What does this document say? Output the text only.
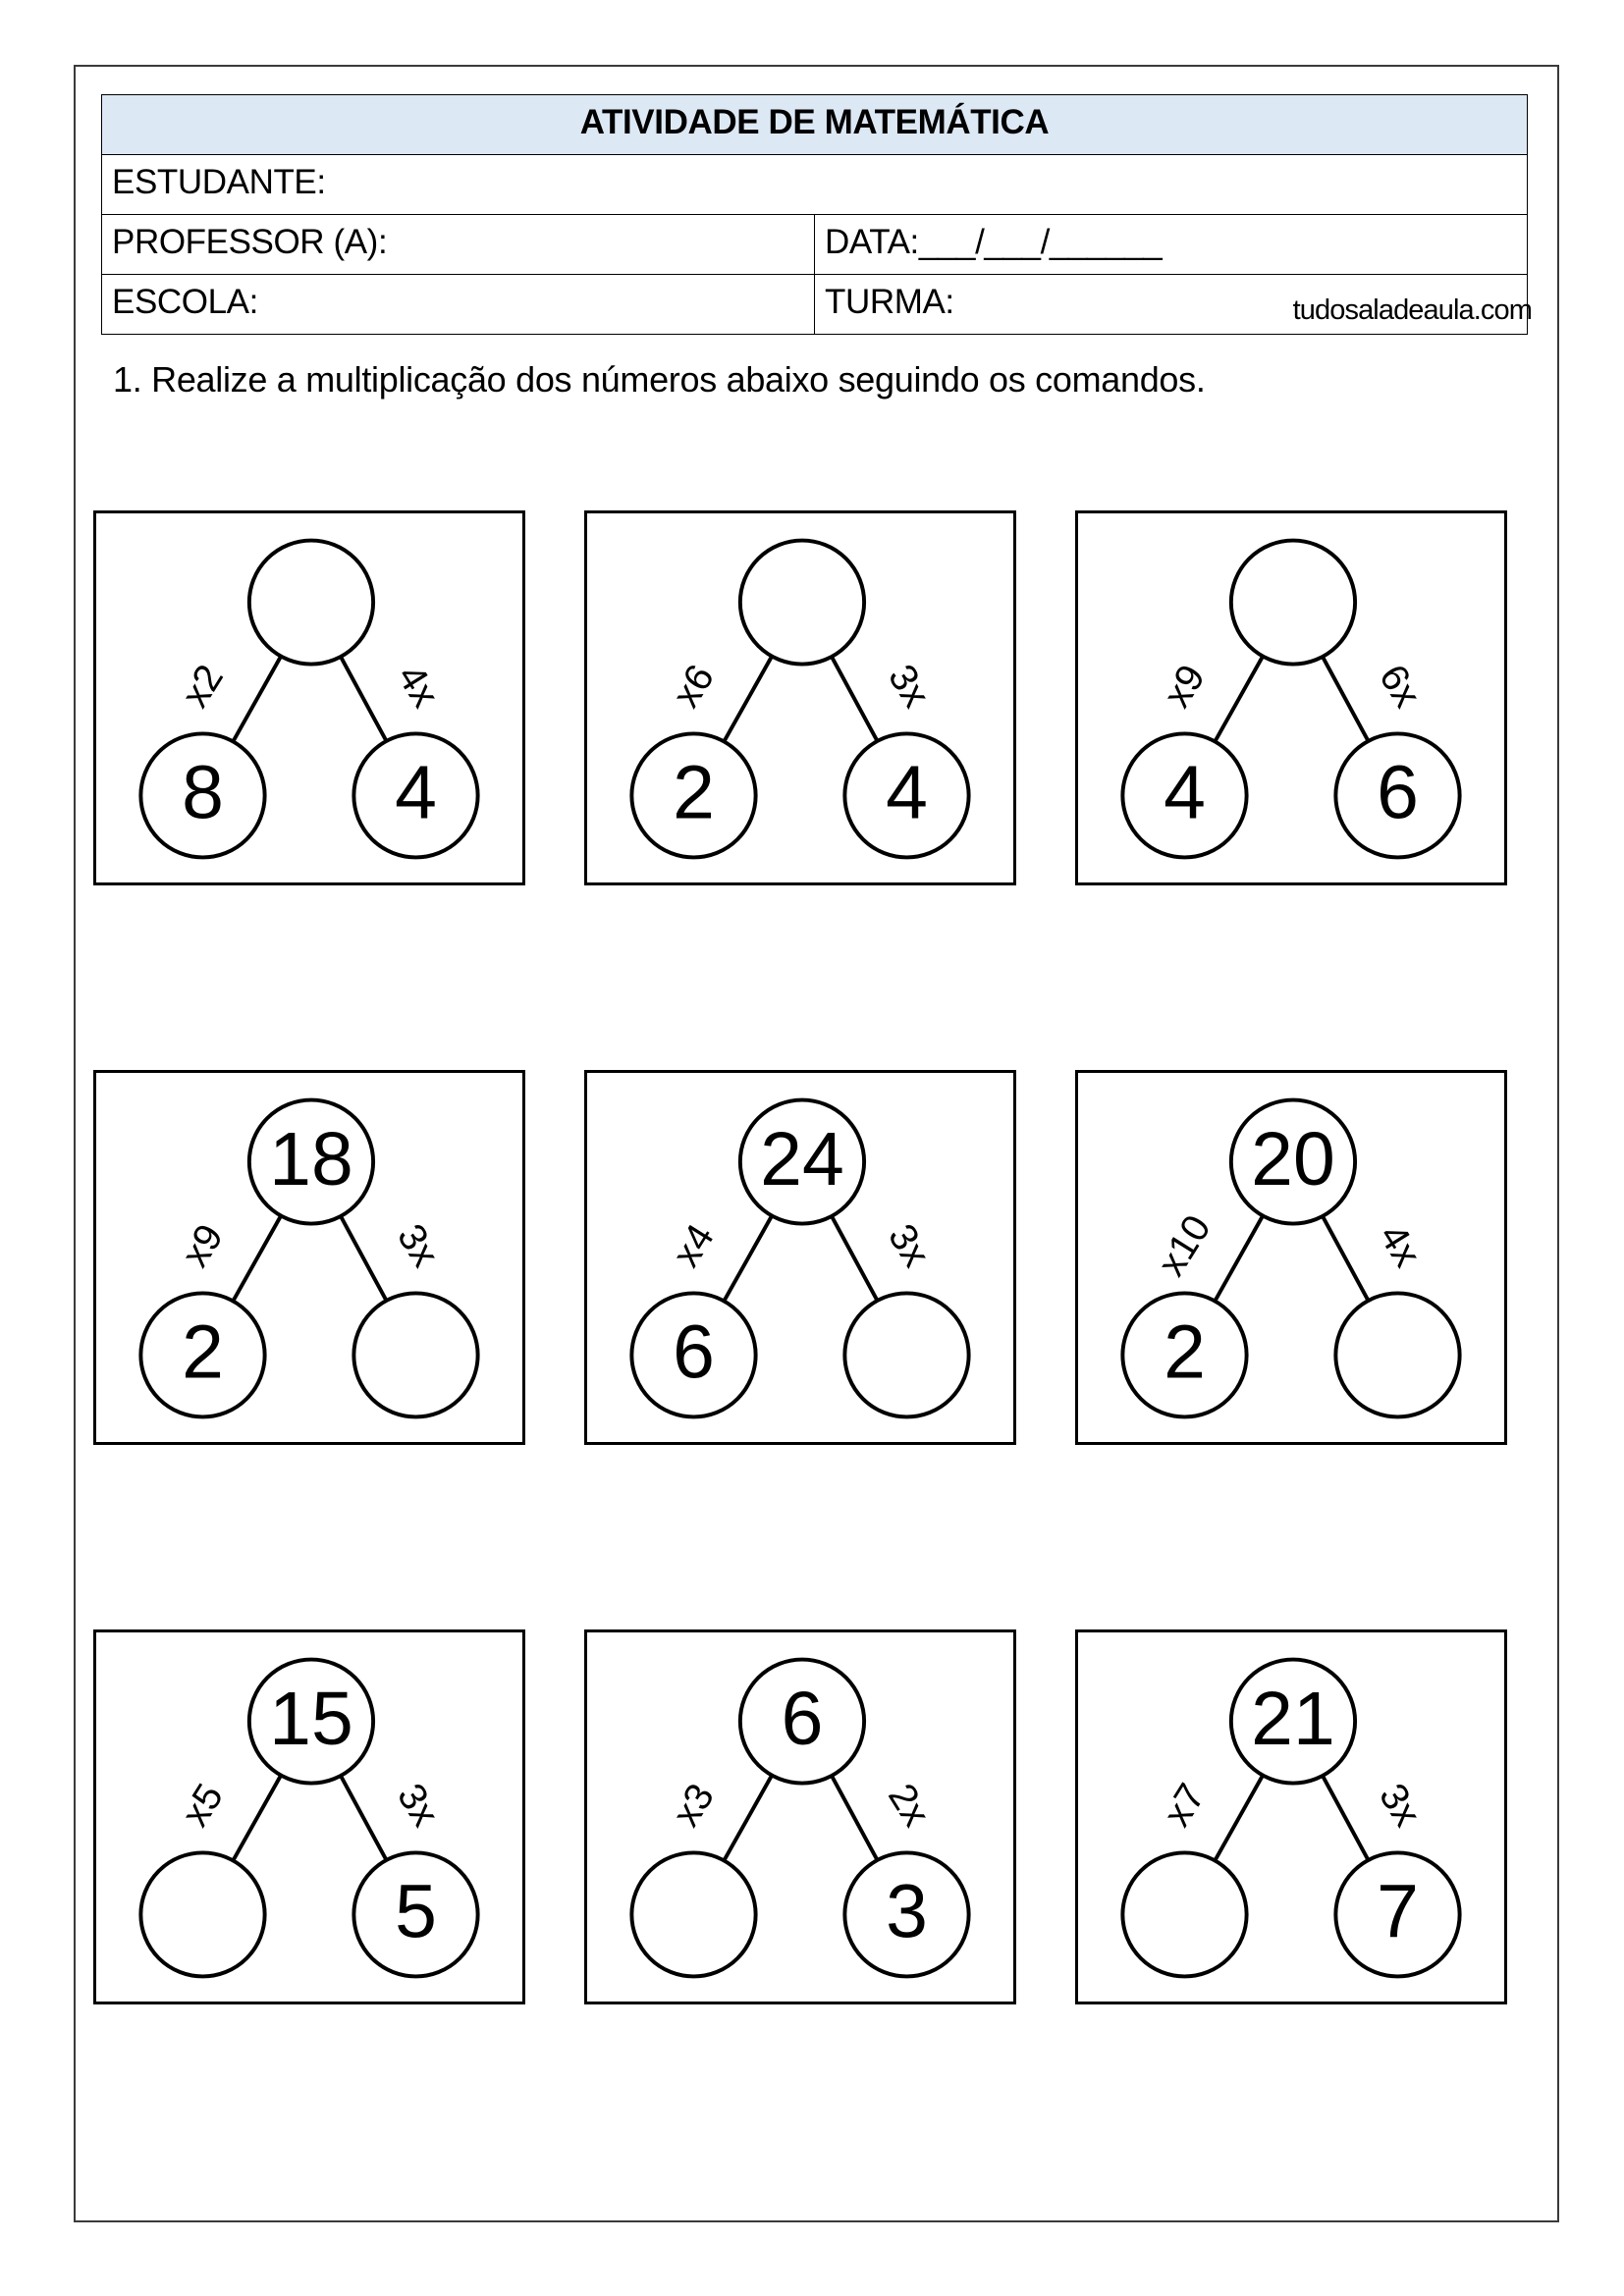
ATIVIDADE DE MATEMÁTICA	
ESTUDANTE:	
PROFESSOR (A):	DATA:___/___/______
ESCOLA:	TURMA:	tudosaladeaula.com
1. Realize a multiplicação dos números abaixo seguindo os comandos.
8 4
x2	4x
2 4
x6	3x
4 6
x9	6x
18
2
x9	3x
24
6
x4	3x
20
2
x10	4x
15
5
x5	3x
6
3
x3	2x
21
7
x7	3x
